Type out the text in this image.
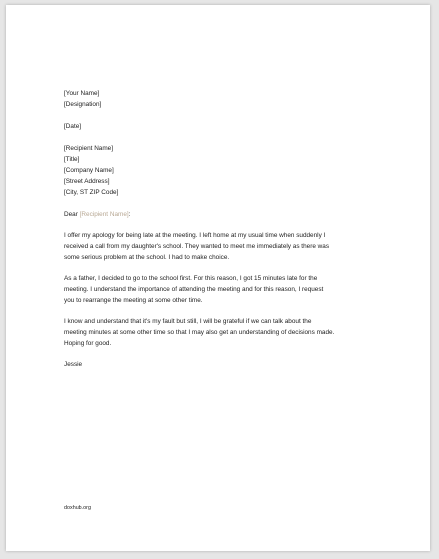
[Your Name]
[Designation]
[Date]
[Recipient Name]
[Title]
[Company Name]
[Street Address]
[City, ST ZIP Code]
Dear [Recipient Name]:
I offer my apology for being late at the meeting. I left home at my usual time when suddenly I
received a call from my daughter's school. They wanted to meet me immediately as there was
some serious problem at the school. I had to make choice.
As a father, I decided to go to the school first. For this reason, I got 15 minutes late for the
meeting. I understand the importance of attending the meeting and for this reason, I request
you to rearrange the meeting at some other time.
I know and understand that it's my fault but still, I will be grateful if we can talk about the
meeting minutes at some other time so that I may also get an understanding of decisions made.
Hoping for good.
Jessie
doxhub.org
